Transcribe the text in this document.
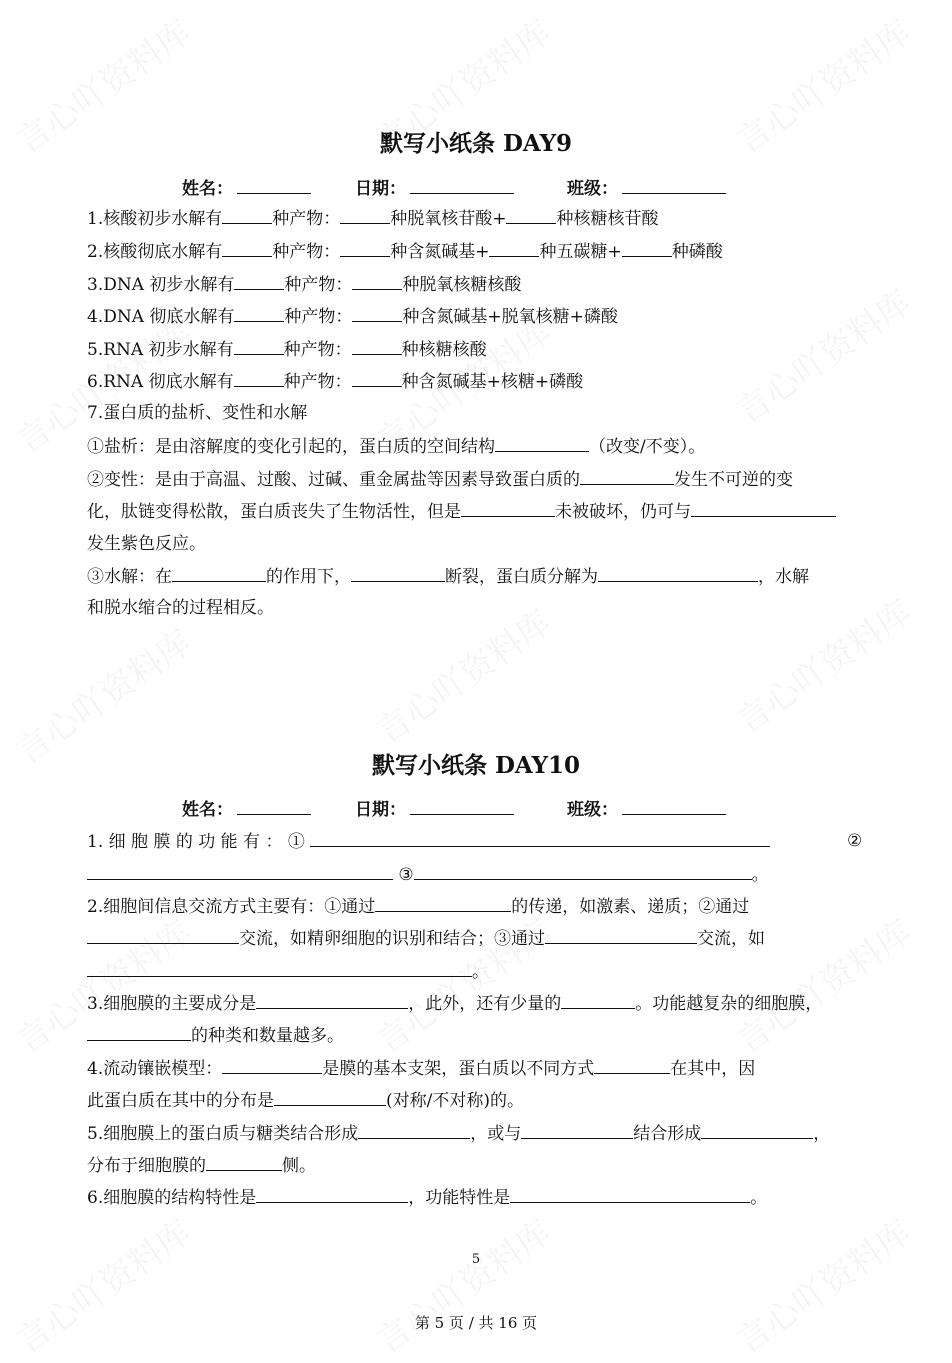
默写小纸条 DAY9
姓名：	日期：	班级：
1.核酸初步水解有	种产物：	种脱氧核苷酸+	种核糖核苷酸
2.核酸彻底水解有	种产物：	种含氮碱基+	种五碳糖+	种磷酸
3.DNA 初步水解有	种产物：	种脱氧核糖核酸
4.DNA 彻底水解有	种产物：	种含氮碱基+脱氧核糖+磷酸
5.RNA 初步水解有	种产物：	种核糖核酸
6.RNA 彻底水解有	种产物：	种含氮碱基+核糖+磷酸
7.蛋白质的盐析、变性和水解
①盐析：是由溶解度的变化引起的，蛋白质的空间结构	（改变/不变）。
②变性：是由于高温、过酸、过碱、重金属盐等因素导致蛋白质的	发生不可逆的变
化，肽链变得松散，蛋白质丧失了生物活性，但是	未被破坏，仍可与
发生紫色反应。
③水解：在	的作用下，	断裂，蛋白质分解为	，水解
和脱水缩合的过程相反。
默写小纸条 DAY10
姓名：	日期：	班级：
1. 细 胞 膜 的 功 能 有 ： ①	②
③	。
2.细胞间信息交流方式主要有：①通过	的传递，如激素、递质；②通过
交流，如精卵细胞的识别和结合；③通过	交流，如
。
3.细胞膜的主要成分是	，此外，还有少量的	。功能越复杂的细胞膜，
的种类和数量越多。
4.流动镶嵌模型：	是膜的基本支架，蛋白质以不同方式	在其中，因
此蛋白质在其中的分布是	(对称/不对称)的。
5.细胞膜上的蛋白质与糖类结合形成	，或与	结合形成	，
分布于细胞膜的	侧。
6.细胞膜的结构特性是	，功能特性是	。
5
第 5 页 / 共 16 页
